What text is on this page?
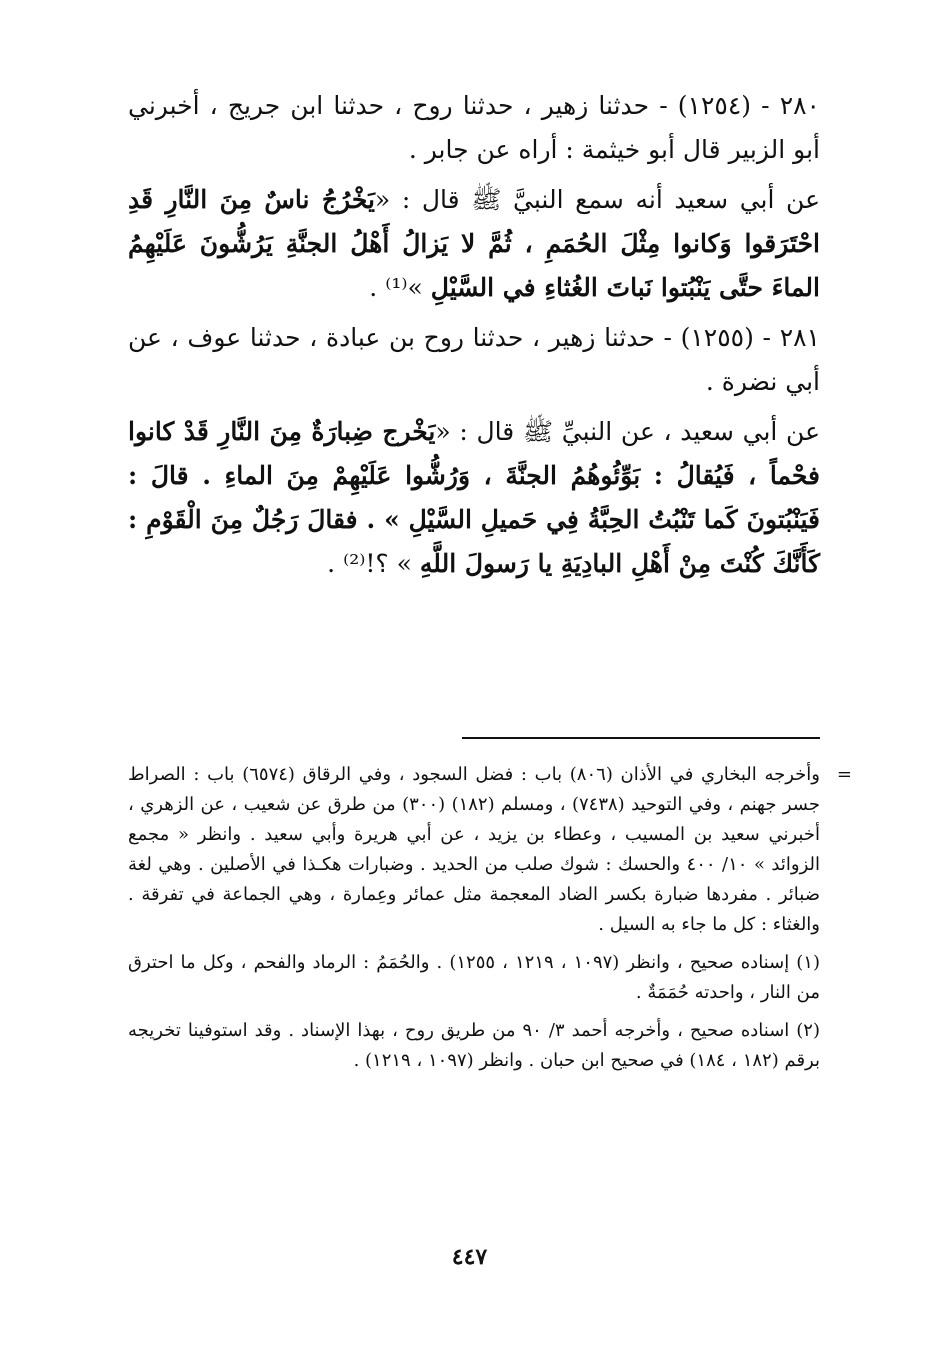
٢٨٠ - (١٢٥٤) - حدثنا زهير ، حدثنا روح ، حدثنا ابن جريج ، أخبرني أبو الزبير قال أبو خيثمة : أراه عن جابر .

عن أبي سعيد أنه سمع النبيَّ ﷺ قال : «يَخْرُجُ ناسٌ مِنَ النَّارِ قَدِ احْتَرَقوا وَكانوا مِثْلَ الحُمَمِ ، ثُمَّ لا يَزالُ أَهْلُ الجنَّةِ يَرُشُّونَ عَلَيْهِمُ الماءَ حتَّى يَنْبُتوا نَباتَ الغُثاءِ في السَّيْلِ »⁽¹⁾ .

٢٨١ - (١٢٥٥) - حدثنا زهير ، حدثنا روح بن عبادة ، حدثنا عوف ، عن أبي نضرة .

عن أبي سعيد ، عن النبيِّ ﷺ قال : «يَخْرج ضِبارَةٌ مِنَ النَّارِ قَدْ كانوا فحْماً ، فَيُقالُ : بَوِّئُوهُمُ الجنَّةَ ، وَرُشُّوا عَلَيْهِمْ مِنَ الماءِ . قالَ : فَيَنْبُتونَ كَما تَنْبُتُ الحِبَّةُ فِي حَميلِ السَّيْلِ » . فقالَ رَجُلٌ مِنَ الْقَوْمِ : كَأَنَّكَ كُنْتَ مِنْ أَهْلِ البادِيَةِ يا رَسولَ اللَّهِ » ؟!⁽²⁾ .

=

وأخرجه البخاري في الأذان (٨٠٦) باب : فضل السجود ، وفي الرقاق (٦٥٧٤) باب : الصراط جسر جهنم ، وفي التوحيد (٧٤٣٨) ، ومسلم (١٨٢) (٣٠٠) من طرق عن شعيب ، عن الزهري ، أخبرني سعيد بن المسيب ، وعطاء بن يزيد ، عن أبي هريرة وأبي سعيد . وانظر « مجمع الزوائد » ١٠/ ٤٠٠ والحسك : شوك صلب من الحديد . وضبارات هكـذا في الأصلين . وهي لغة ضبائر . مفردها ضبارة بكسر الضاد المعجمة مثل عمائر وعِمارة ، وهي الجماعة في تفرقة . والغثاء : كل ما جاء به السيل .

(١) إسناده صحيح ، وانظر (١٠٩٧ ، ١٢١٩ ، ١٢٥٥) . والحُمَمُ : الرماد والفحم ، وكل ما احترق من النار ، واحدته حُمَمَةٌ .

(٢) اسناده صحيح ، وأخرجه أحمد ٣/ ٩٠ من طريق روح ، بهذا الإسناد . وقد استوفينا تخريجه برقم (١٨٢ ، ١٨٤) في صحيح ابن حبان . وانظر (١٠٩٧ ، ١٢١٩) .

٤٤٧
